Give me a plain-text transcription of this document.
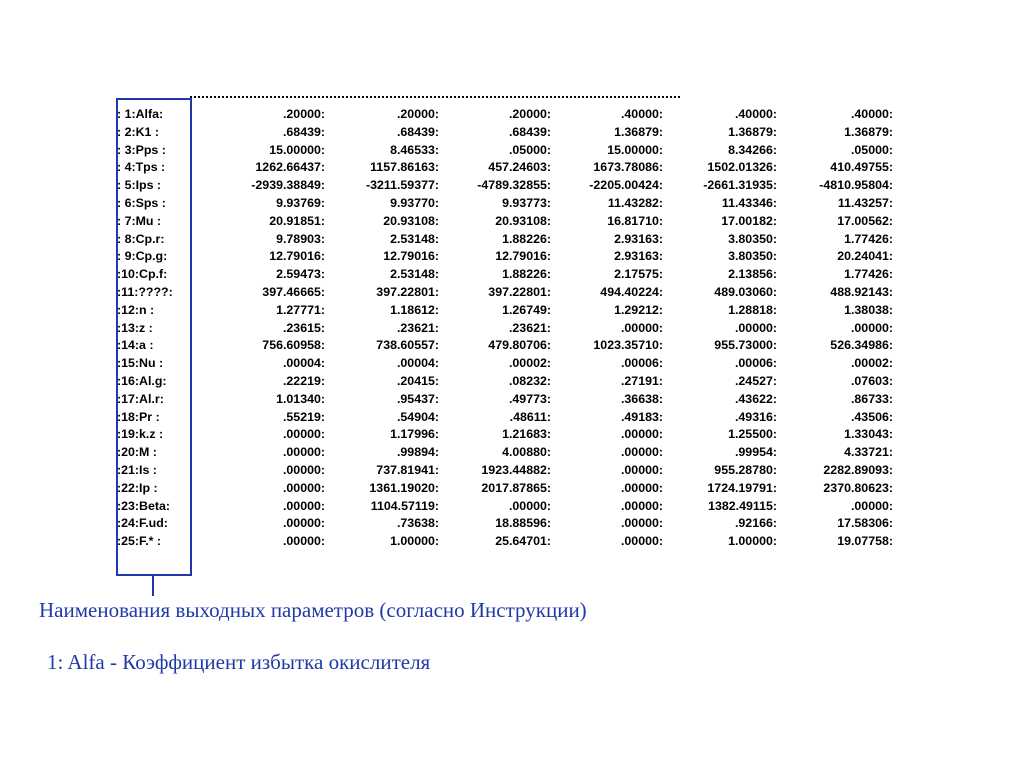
: 1:Alfa:	.20000:	.20000:	.20000:	.40000:	.40000:	.40000:
: 2:K1 :	.68439:	.68439:	.68439:	1.36879:	1.36879:	1.36879:
: 3:Pps :	15.00000:	8.46533:	.05000:	15.00000:	8.34266:	.05000:
: 4:Tps :	1262.66437:	1157.86163:	457.24603:	1673.78086:	1502.01326:	410.49755:
: 5:Ips :	-2939.38849:	-3211.59377:	-4789.32855:	-2205.00424:	-2661.31935:	-4810.95804:
: 6:Sps :	9.93769:	9.93770:	9.93773:	11.43282:	11.43346:	11.43257:
: 7:Mu :	20.91851:	20.93108:	20.93108:	16.81710:	17.00182:	17.00562:
: 8:Cp.r:	9.78903:	2.53148:	1.88226:	2.93163:	3.80350:	1.77426:
: 9:Cp.g:	12.79016:	12.79016:	12.79016:	2.93163:	3.80350:	20.24041:
:10:Cp.f:	2.59473:	2.53148:	1.88226:	2.17575:	2.13856:	1.77426:
:11:????:	397.46665:	397.22801:	397.22801:	494.40224:	489.03060:	488.92143:
:12:n :	1.27771:	1.18612:	1.26749:	1.29212:	1.28818:	1.38038:
:13:z :	.23615:	.23621:	.23621:	.00000:	.00000:	.00000:
:14:a :	756.60958:	738.60557:	479.80706:	1023.35710:	955.73000:	526.34986:
:15:Nu :	.00004:	.00004:	.00002:	.00006:	.00006:	.00002:
:16:Al.g:	.22219:	.20415:	.08232:	.27191:	.24527:	.07603:
:17:Al.r:	1.01340:	.95437:	.49773:	.36638:	.43622:	.86733:
:18:Pr :	.55219:	.54904:	.48611:	.49183:	.49316:	.43506:
:19:k.z :	.00000:	1.17996:	1.21683:	.00000:	1.25500:	1.33043:
:20:M :	.00000:	.99894:	4.00880:	.00000:	.99954:	4.33721:
:21:Is :	.00000:	737.81941:	1923.44882:	.00000:	955.28780:	2282.89093:
:22:Ip :	.00000:	1361.19020:	2017.87865:	.00000:	1724.19791:	2370.80623:
:23:Beta:	.00000:	1104.57119:	.00000:	.00000:	1382.49115:	.00000:
:24:F.ud:	.00000:	.73638:	18.88596:	.00000:	.92166:	17.58306:
:25:F.* :	.00000:	1.00000:	25.64701:	.00000:	1.00000:	19.07758:
Наименования выходных параметров (согласно Инструкции)
1: Alfa - Коэффициент избытка окислителя
